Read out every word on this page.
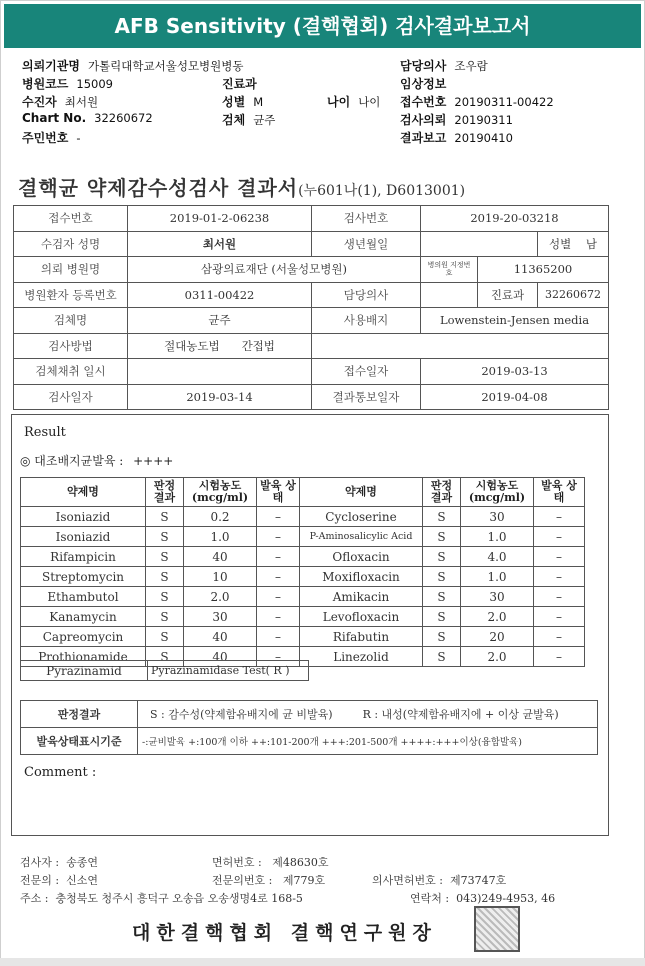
AFB Sensitivity (결핵협회) 검사결과보고서
의뢰기관명 가톨릭대학교서울성모병원병동	담당의사 조우람
병원코드 15009	진료과	임상정보
수진자 최서원	성별 M	나이 나이 접수번호 20190311-00422
Chart No. 32260672	검체 균주	검사의뢰 20190311
주민번호 -	결과보고 20190410
결핵균 약제감수성검사 결과서(누601나(1), D6013001)
접수번호	2019-01-2-06238	검사번호	2019-20-03218		
수검자 성명	최서원	생년월일			성별 남
의뢰 병원명	삼광의료재단 (서울성모병원)		병의원 지정번호	11365200	
병원환자 등록번호	0311-00422	담당의사		진료과	32260672
검체명	균주	사용배지	Lowenstein-Jensen media		
검사방법	절대농도법 간접법				
검체채취 일시		접수일자	2019-03-13		
검사일자	2019-03-14	결과통보일자	2019-04-08		
Result
◎ 대조배지균발육 : ++++
약제명	판정 결과	시험농도 (mcg/ml)	발육 상태	약제명	판정 결과	시험농도 (mcg/ml)	발육 상태
Isoniazid	S	0.2	–	Cycloserine	S	30	–
Isoniazid	S	1.0	–	P-Aminosalicylic Acid	S	1.0	–
Rifampicin	S	40	–	Ofloxacin	S	4.0	–
Streptomycin	S	10	–	Moxifloxacin	S	1.0	–
Ethambutol	S	2.0	–	Amikacin	S	30	–
Kanamycin	S	30	–	Levofloxacin	S	2.0	–
Capreomycin	S	40	–	Rifabutin	S	20	–
Prothionamide	S	40	–	Linezolid	S	2.0	–
Pyrazinamid	Pyrazinamidase Test( R )
판정결과	S : 감수성(약제함유배지에 균 비발육) R : 내성(약제함유배지에 + 이상 균발육)
발육상태표시기준	-:균비발육 +:100개 이하 ++:101-200개 +++:201-500개 ++++:+++이상(융합발육)
Comment :
검사자 : 송종연	면허번호 : 제48630호
전문의 : 신소연	전문의번호 : 제779호	의사면허번호 : 제73747호
주소 : 충청북도 청주시 흥덕구 오송읍 오송생명4로 168-5	연락처 : 043)249-4953, 46
대한결핵협회 결핵연구원장
